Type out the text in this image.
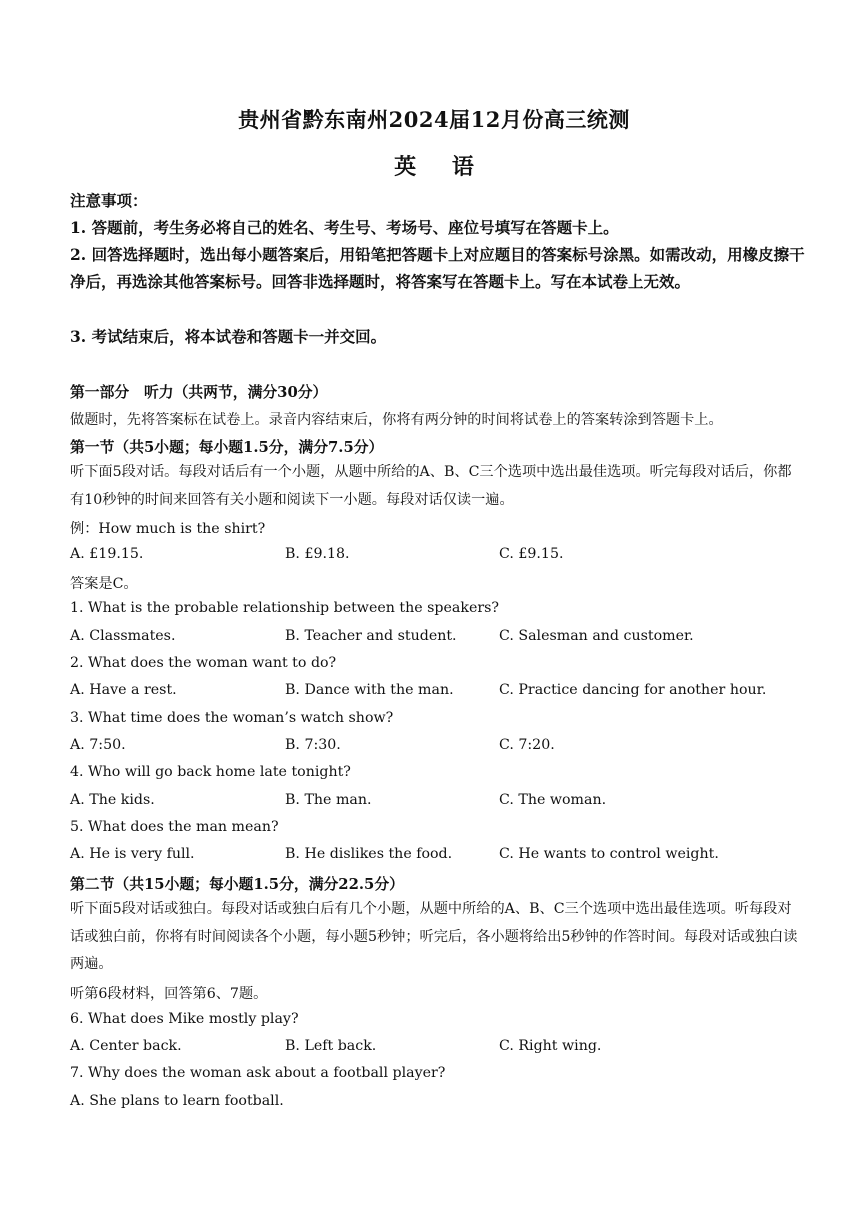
贵州省黔东南州2024届12月份高三统测
英 语
注意事项：
1. 答题前，考生务必将自己的姓名、考生号、考场号、座位号填写在答题卡上。
2. 回答选择题时，选出每小题答案后，用铅笔把答题卡上对应题目的答案标号涂黑。如需改动，用橡皮擦干净后，再选涂其他答案标号。回答非选择题时，将答案写在答题卡上。写在本试卷上无效。
3. 考试结束后，将本试卷和答题卡一并交回。
第一部分　听力（共两节，满分30分）
做题时，先将答案标在试卷上。录音内容结束后，你将有两分钟的时间将试卷上的答案转涂到答题卡上。
第一节（共5小题；每小题1.5分，满分7.5分）
听下面5段对话。每段对话后有一个小题，从题中所给的A、B、C三个选项中选出最佳选项。听完每段对话后，你都有10秒钟的时间来回答有关小题和阅读下一小题。每段对话仅读一遍。
例：How much is the shirt?
A. £19.15.	B. £9.18.	C. £9.15.
答案是C。
1. What is the probable relationship between the speakers?
A. Classmates.	B. Teacher and student.	C. Salesman and customer.
2. What does the woman want to do?
A. Have a rest.	B. Dance with the man.	C. Practice dancing for another hour.
3. What time does the woman’s watch show?
A. 7:50.	B. 7:30.	C. 7:20.
4. Who will go back home late tonight?
A. The kids.	B. The man.	C. The woman.
5. What does the man mean?
A. He is very full.	B. He dislikes the food.	C. He wants to control weight.
第二节（共15小题；每小题1.5分，满分22.5分）
听下面5段对话或独白。每段对话或独白后有几个小题，从题中所给的A、B、C三个选项中选出最佳选项。听每段对话或独白前，你将有时间阅读各个小题，每小题5秒钟；听完后，各小题将给出5秒钟的作答时间。每段对话或独白读两遍。
听第6段材料，回答第6、7题。
6. What does Mike mostly play?
A. Center back.	B. Left back.	C. Right wing.
7. Why does the woman ask about a football player?
A. She plans to learn football.
